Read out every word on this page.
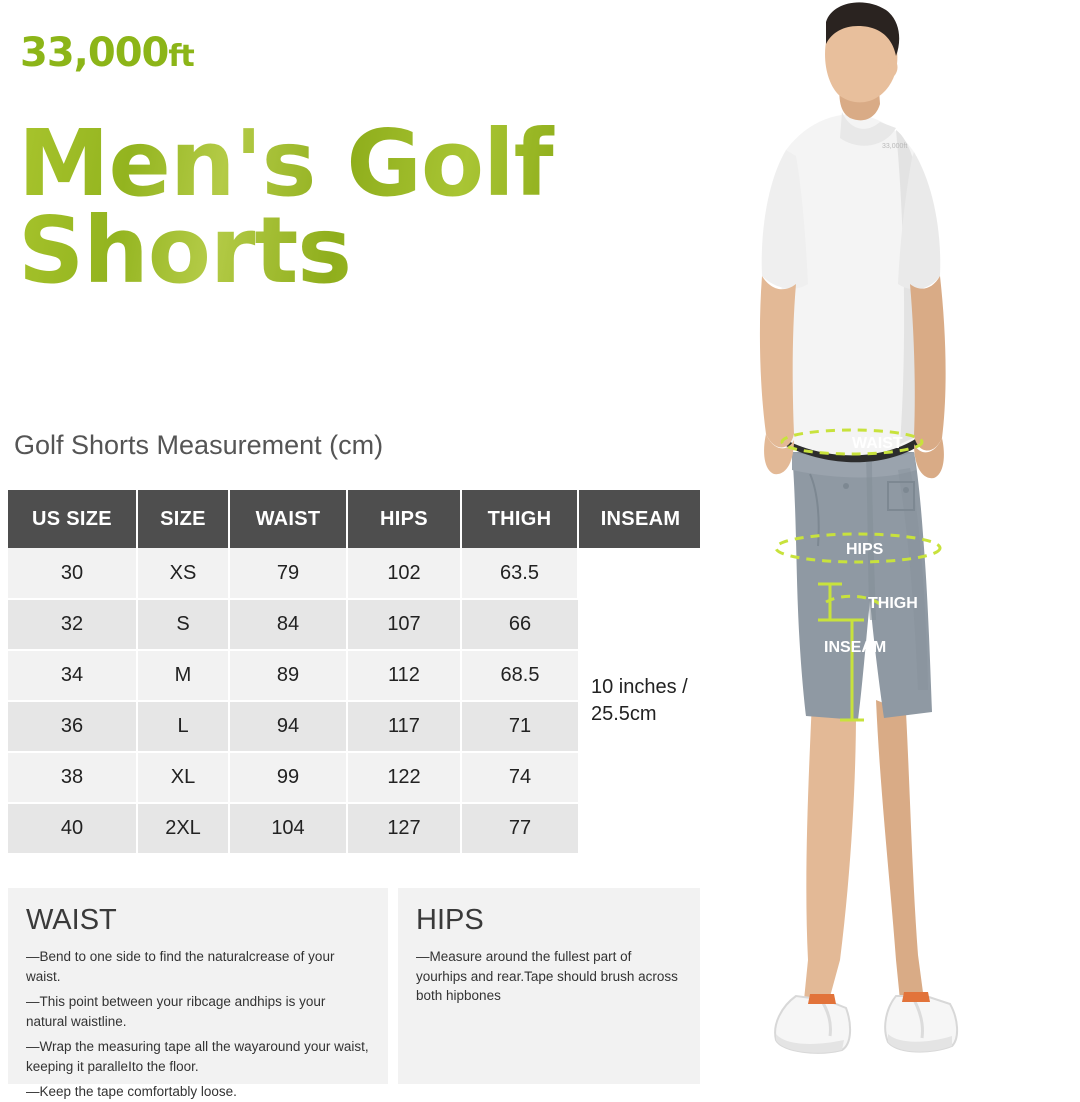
33,000ft
Men's Golf
Shorts
Golf Shorts Measurement (cm)
US SIZE	SIZE	WAIST	HIPS	THIGH	INSEAM
30	XS	79	102	63.5	10 inches / 25.5cm
32	S	84	107	66	
34	M	89	112	68.5	
36	L	94	117	71	
38	XL	99	122	74	
40	2XL	104	127	77	
WAIST

—Bend to one side to find the naturalcrease of your waist.

—This point between your ribcage andhips is your natural waistline.

—Wrap the measuring tape all the wayaround your waist, keeping it paralleIto the floor.

—Keep the tape comfortably loose.

HIPS

—Measure around the fullest part of yourhips and rear.Tape should brush across both hipbones

33,000ft
WAIST
HIPS
THIGH
INSEAM
